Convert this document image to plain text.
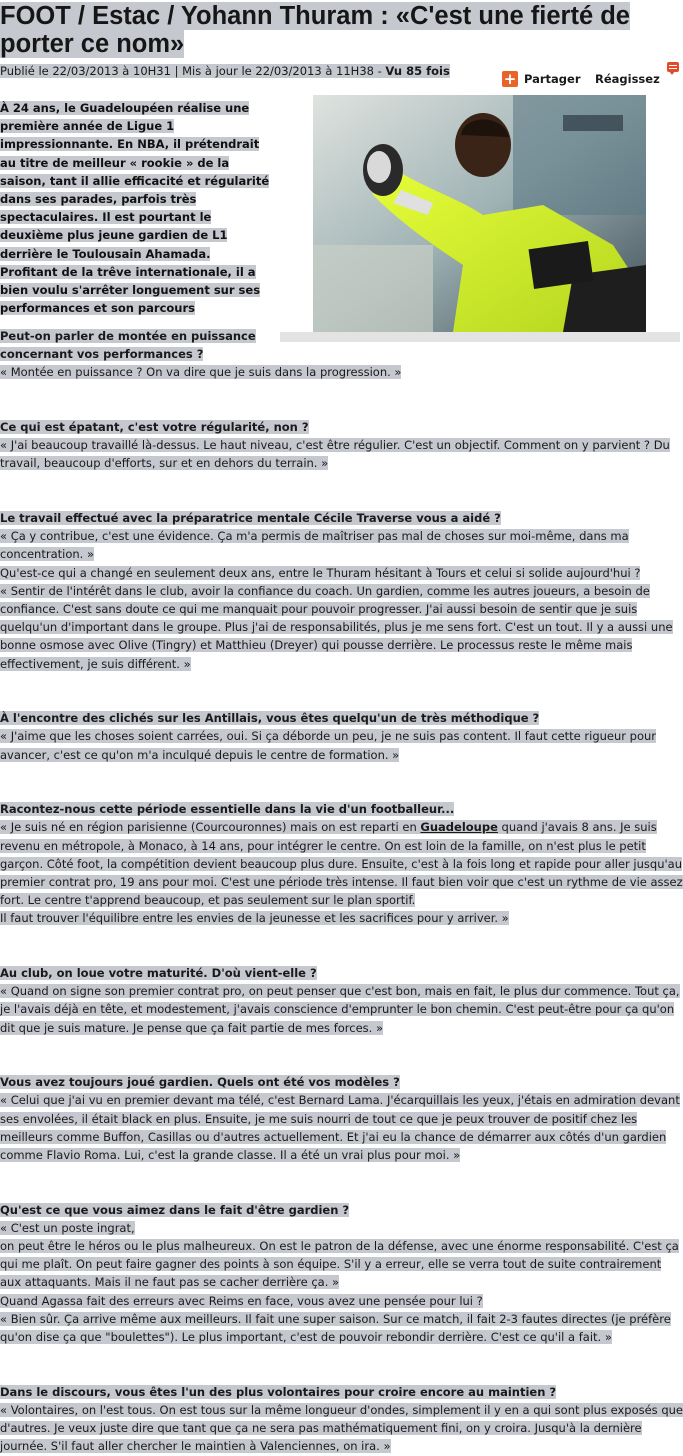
FOOT / Estac / Yohann Thuram : «C'est une fierté de porter ce nom»
Publié le 22/03/2013 à 10H31 | Mis à jour le 22/03/2013 à 11H38 - Vu 85 fois	+ Partager Réagissez
À 24 ans, le Guadeloupéen réalise une première année de Ligue 1 impressionnante. En NBA, il prétendrait au titre de meilleur « rookie » de la saison, tant il allie efficacité et régularité dans ses parades, parfois très spectaculaires. Il est pourtant le deuxième plus jeune gardien de L1 derrière le Toulousain Ahamada. Profitant de la trêve internationale, il a bien voulu s'arrêter longuement sur ses performances et son parcours

Peut-on parler de montée en puissance concernant vos performances ?

« Montée en puissance ? On va dire que je suis dans la progression. »

Ce qui est épatant, c'est votre régularité, non ?

« J'ai beaucoup travaillé là-dessus. Le haut niveau, c'est être régulier. C'est un objectif. Comment on y parvient ? Du travail, beaucoup d'efforts, sur et en dehors du terrain. »

Le travail effectué avec la préparatrice mentale Cécile Traverse vous a aidé ?

« Ça y contribue, c'est une évidence. Ça m'a permis de maîtriser pas mal de choses sur moi-même, dans ma concentration. »

Qu'est-ce qui a changé en seulement deux ans, entre le Thuram hésitant à Tours et celui si solide aujourd'hui ?

« Sentir de l'intérêt dans le club, avoir la confiance du coach. Un gardien, comme les autres joueurs, a besoin de confiance. C'est sans doute ce qui me manquait pour pouvoir progresser. J'ai aussi besoin de sentir que je suis quelqu'un d'important dans le groupe. Plus j'ai de responsabilités, plus je me sens fort. C'est un tout. Il y a aussi une bonne osmose avec Olive (Tingry) et Matthieu (Dreyer) qui pousse derrière. Le processus reste le même mais effectivement, je suis différent. »

À l'encontre des clichés sur les Antillais, vous êtes quelqu'un de très méthodique ?

« J'aime que les choses soient carrées, oui. Si ça déborde un peu, je ne suis pas content. Il faut cette rigueur pour avancer, c'est ce qu'on m'a inculqué depuis le centre de formation. »

Racontez-nous cette période essentielle dans la vie d'un footballeur...

« Je suis né en région parisienne (Courcouronnes) mais on est reparti en Guadeloupe quand j'avais 8 ans. Je suis revenu en métropole, à Monaco, à 14 ans, pour intégrer le centre. On est loin de la famille, on n'est plus le petit garçon. Côté foot, la compétition devient beaucoup plus dure. Ensuite, c'est à la fois long et rapide pour aller jusqu'au premier contrat pro, 19 ans pour moi. C'est une période très intense. Il faut bien voir que c'est un rythme de vie assez fort. Le centre t'apprend beaucoup, et pas seulement sur le plan sportif.

Il faut trouver l'équilibre entre les envies de la jeunesse et les sacrifices pour y arriver. »

Au club, on loue votre maturité. D'où vient-elle ?

« Quand on signe son premier contrat pro, on peut penser que c'est bon, mais en fait, le plus dur commence. Tout ça, je l'avais déjà en tête, et modestement, j'avais conscience d'emprunter le bon chemin. C'est peut-être pour ça qu'on dit que je suis mature. Je pense que ça fait partie de mes forces. »

Vous avez toujours joué gardien. Quels ont été vos modèles ?

« Celui que j'ai vu en premier devant ma télé, c'est Bernard Lama. J'écarquillais les yeux, j'étais en admiration devant ses envolées, il était black en plus. Ensuite, je me suis nourri de tout ce que je peux trouver de positif chez les meilleurs comme Buffon, Casillas ou d'autres actuellement. Et j'ai eu la chance de démarrer aux côtés d'un gardien comme Flavio Roma. Lui, c'est la grande classe. Il a été un vrai plus pour moi. »

Qu'est ce que vous aimez dans le fait d'être gardien ?

« C'est un poste ingrat,

on peut être le héros ou le plus malheureux. On est le patron de la défense, avec une énorme responsabilité. C'est ça qui me plaît. On peut faire gagner des points à son équipe. S'il y a erreur, elle se verra tout de suite contrairement aux attaquants. Mais il ne faut pas se cacher derrière ça. »

Quand Agassa fait des erreurs avec Reims en face, vous avez une pensée pour lui ?

« Bien sûr. Ça arrive même aux meilleurs. Il fait une super saison. Sur ce match, il fait 2-3 fautes directes (je préfère qu'on dise ça que "boulettes"). Le plus important, c'est de pouvoir rebondir derrière. C'est ce qu'il a fait. »

Dans le discours, vous êtes l'un des plus volontaires pour croire encore au maintien ?

« Volontaires, on l'est tous. On est tous sur la même longueur d'ondes, simplement il y en a qui sont plus exposés que d'autres. Je veux juste dire que tant que ça ne sera pas mathématiquement fini, on y croira. Jusqu'à la dernière journée. S'il faut aller chercher le maintien à Valenciennes, on ira. »
